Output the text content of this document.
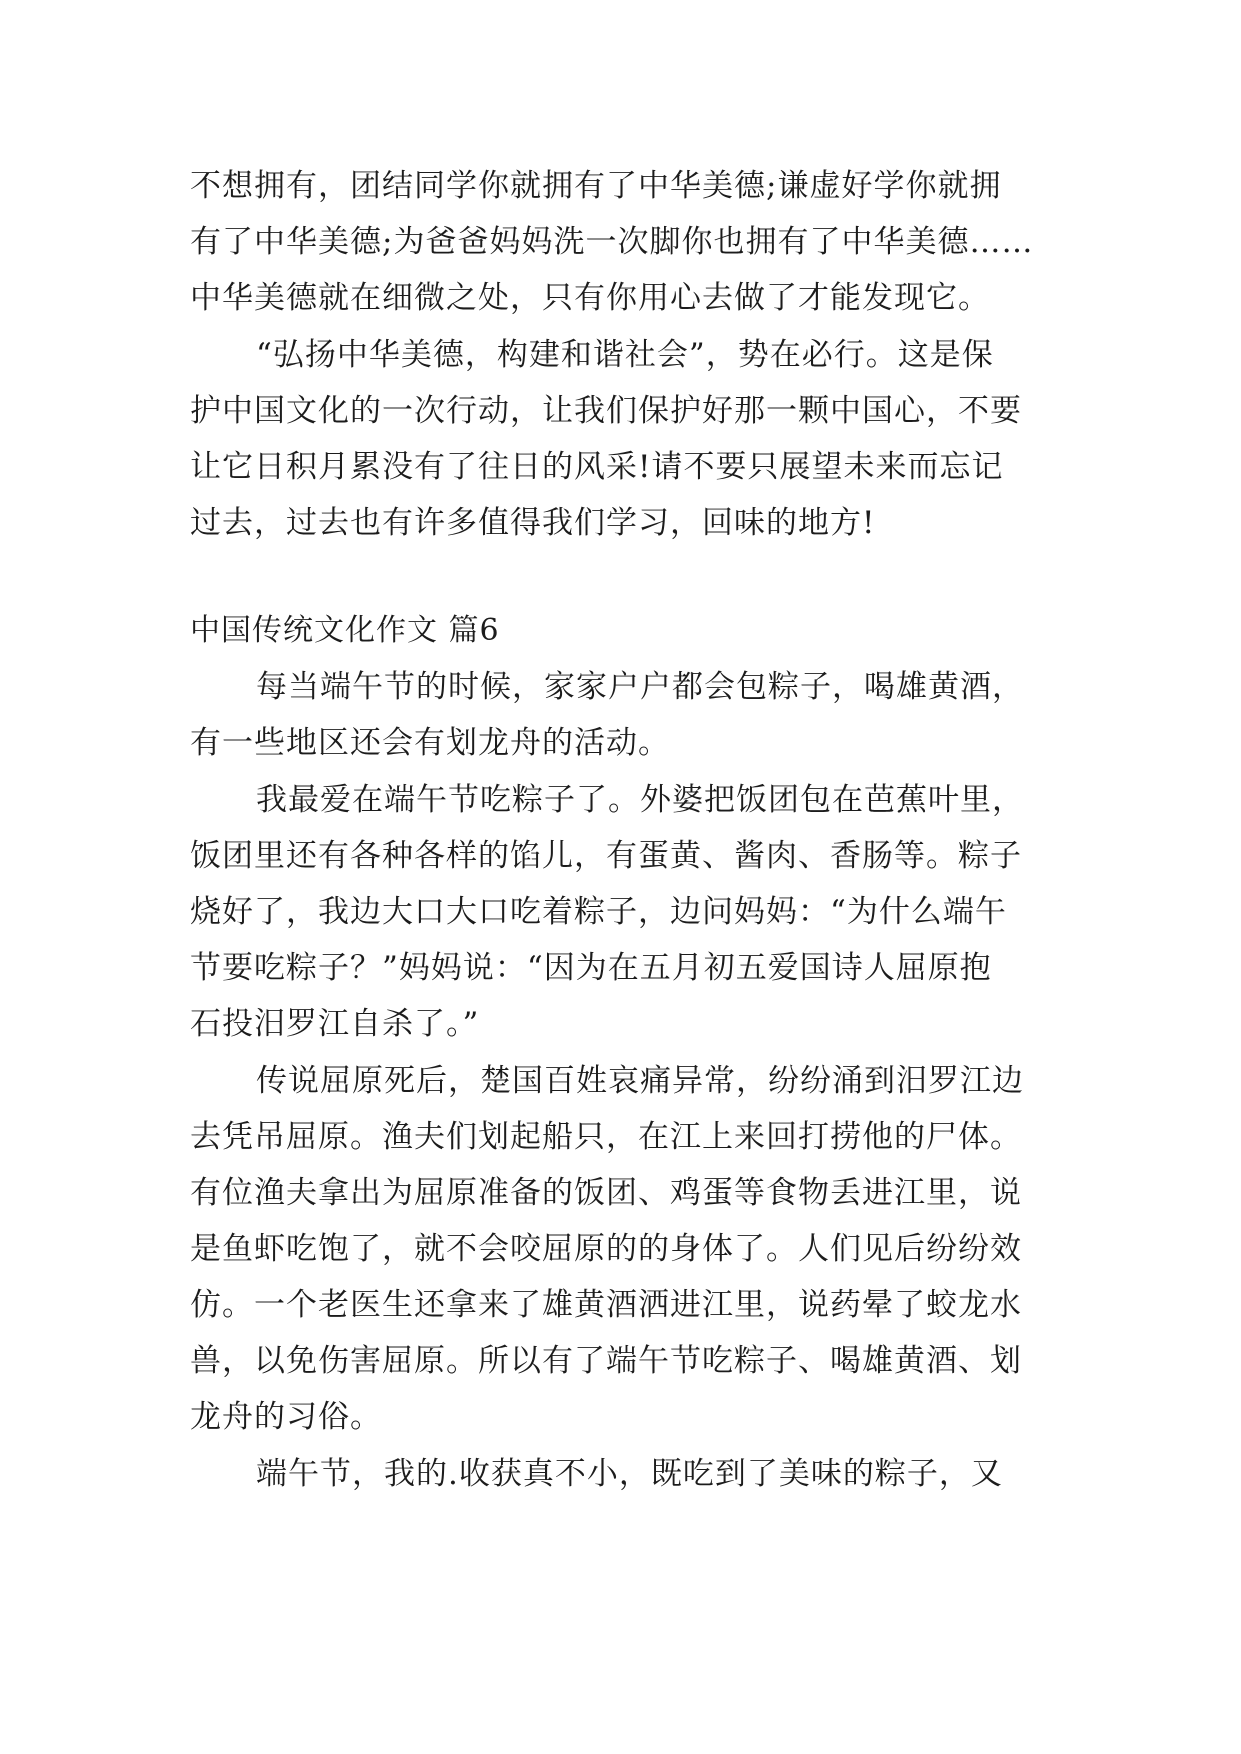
不想拥有，团结同学你就拥有了中华美德;谦虚好学你就拥
有了中华美德;为爸爸妈妈洗一次脚你也拥有了中华美德……
中华美德就在细微之处，只有你用心去做了才能发现它。
“弘扬中华美德，构建和谐社会”，势在必行。这是保
护中国文化的一次行动，让我们保护好那一颗中国心，不要
让它日积月累没有了往日的风采!请不要只展望未来而忘记
过去，过去也有许多值得我们学习，回味的地方!
中国传统文化作文 篇6
每当端午节的时候，家家户户都会包粽子，喝雄黄酒，
有一些地区还会有划龙舟的活动。
我最爱在端午节吃粽子了。外婆把饭团包在芭蕉叶里，
饭团里还有各种各样的馅儿，有蛋黄、酱肉、香肠等。粽子
烧好了，我边大口大口吃着粽子，边问妈妈：“为什么端午
节要吃粽子？”妈妈说：“因为在五月初五爱国诗人屈原抱
石投汨罗江自杀了。”
传说屈原死后，楚国百姓哀痛异常，纷纷涌到汨罗江边
去凭吊屈原。渔夫们划起船只，在江上来回打捞他的尸体。
有位渔夫拿出为屈原准备的饭团、鸡蛋等食物丢进江里，说
是鱼虾吃饱了，就不会咬屈原的的身体了。人们见后纷纷效
仿。一个老医生还拿来了雄黄酒洒进江里，说药晕了蛟龙水
兽，以免伤害屈原。所以有了端午节吃粽子、喝雄黄酒、划
龙舟的习俗。
端午节，我的.收获真不小，既吃到了美味的粽子，又
